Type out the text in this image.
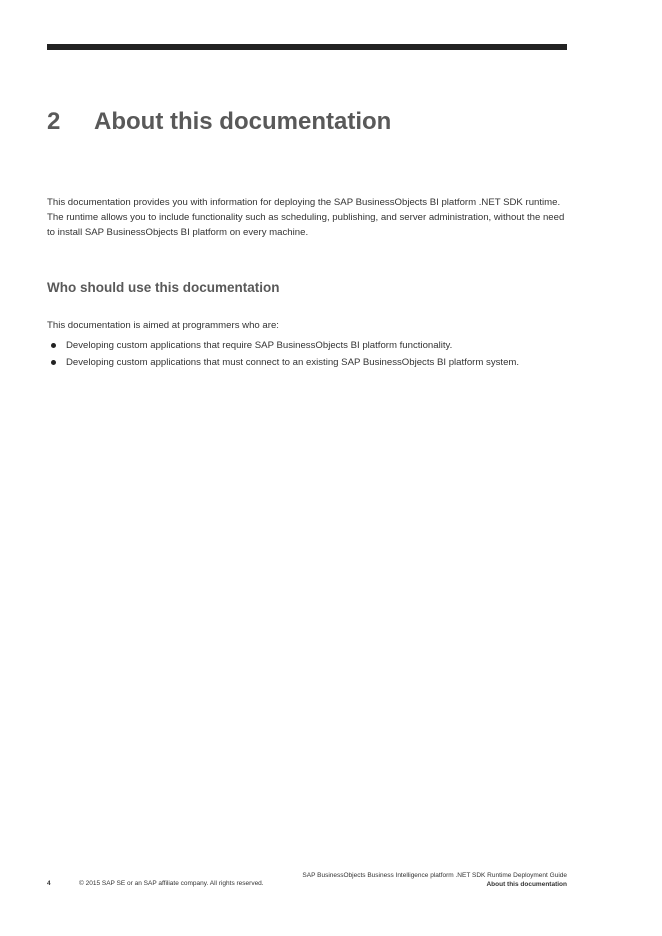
2 About this documentation

This documentation provides you with information for deploying the SAP BusinessObjects BI platform .NET SDK runtime. The runtime allows you to include functionality such as scheduling, publishing, and server administration, without the need to install SAP BusinessObjects BI platform on every machine.

Who should use this documentation

This documentation is aimed at programmers who are:

Developing custom applications that require SAP BusinessObjects BI platform functionality.
Developing custom applications that must connect to an existing SAP BusinessObjects BI platform system.
4	© 2015 SAP SE or an SAP affiliate company. All rights reserved.
SAP BusinessObjects Business Intelligence platform .NET SDK Runtime Deployment Guide
About this documentation
